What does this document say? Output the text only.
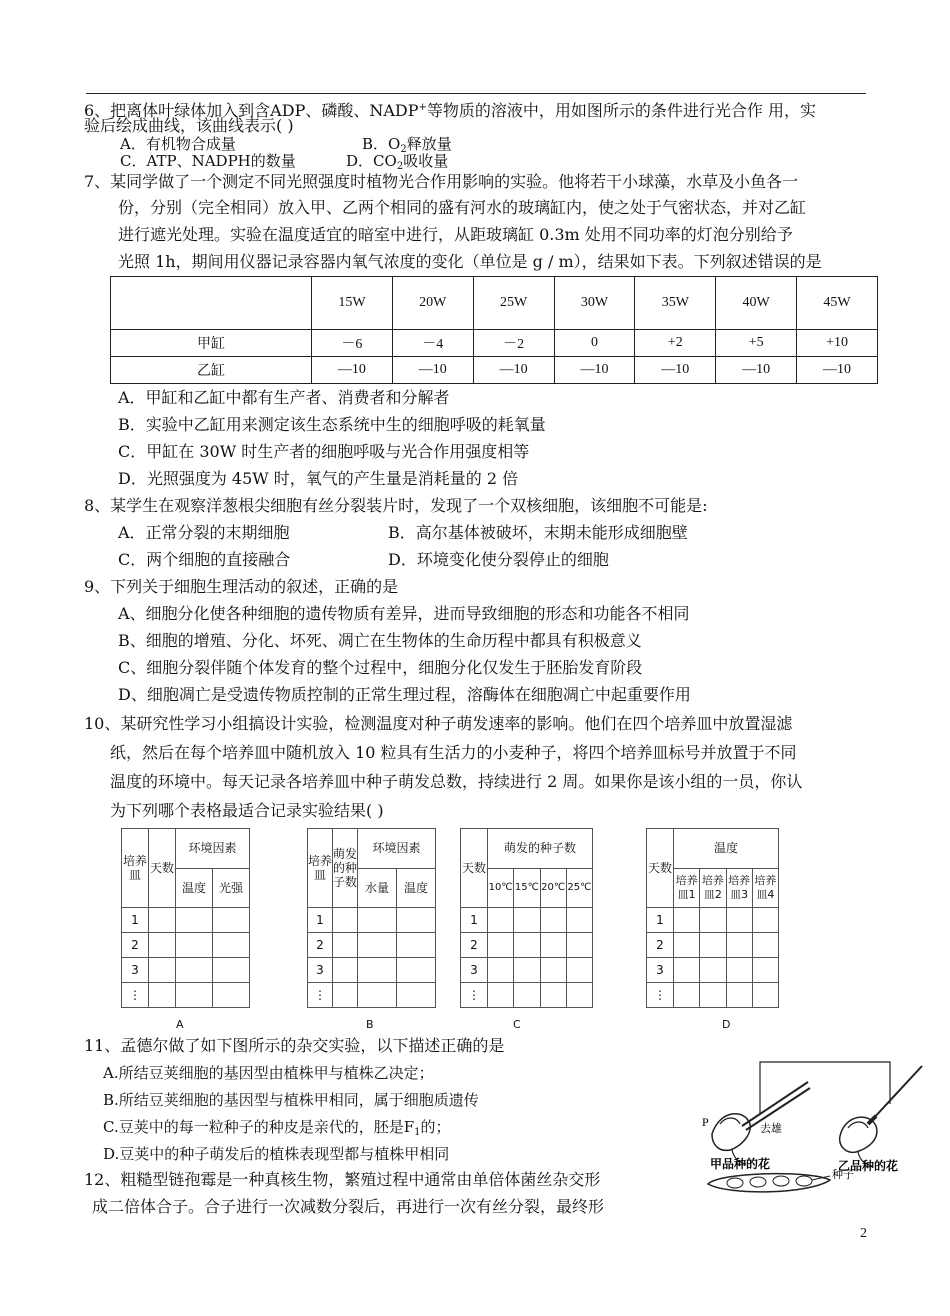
6、把离体叶绿体加入到含ADP、磷酸、NADP+等物质的溶液中，用如图所示的条件进行光合作 用，实
验后绘成曲线，该曲线表示( )
A．有机物合成量	B．$O_2$释放量
C．ATP、NADPH的数量	D．$CO_2$吸收量
7、某同学做了一个测定不同光照强度时植物光合作用影响的实验。他将若干小球藻，水草及小鱼各一
份，分别（完全相同）放入甲、乙两个相同的盛有河水的玻璃缸内，使之处于气密状态，并对乙缸
进行遮光处理。实验在温度适宜的暗室中进行，从距玻璃缸 0.3m 处用不同功率的灯泡分别给予
光照 1h，期间用仪器记录容器内氧气浓度的变化（单位是 g / m），结果如下表。下列叙述错误的是
	15W	20W	25W	30W	35W	40W	45W
甲缸	－6	－4	－2	0	+2	+5	+10
乙缸	—10	—10	—10	—10	—10	—10	—10
A．甲缸和乙缸中都有生产者、消费者和分解者
B．实验中乙缸用来测定该生态系统中生的细胞呼吸的耗氧量
C．甲缸在 30W 时生产者的细胞呼吸与光合作用强度相等
D．光照强度为 45W 时，氧气的产生量是消耗量的 2 倍
8、某学生在观察洋葱根尖细胞有丝分裂装片时，发现了一个双核细胞，该细胞不可能是:
A．正常分裂的末期细胞	B．高尔基体被破坏，末期未能形成细胞壁
C．两个细胞的直接融合	D．环境变化使分裂停止的细胞
9、下列关于细胞生理活动的叙述，正确的是
A、细胞分化使各种细胞的遗传物质有差异，进而导致细胞的形态和功能各不相同
B、细胞的增殖、分化、坏死、凋亡在生物体的生命历程中都具有积极意义
C、细胞分裂伴随个体发育的整个过程中，细胞分化仅发生于胚胎发育阶段
D、细胞凋亡是受遗传物质控制的正常生理过程，溶酶体在细胞凋亡中起重要作用
10、某研究性学习小组搞设计实验，检测温度对种子萌发速率的影响。他们在四个培养皿中放置湿滤
纸，然后在每个培养皿中随机放入 10 粒具有生活力的小麦种子，将四个培养皿标号并放置于不同
温度的环境中。每天记录各培养皿中种子萌发总数，持续进行 2 周。如果你是该小组的一员，你认
为下列哪个表格最适合记录实验结果( )
培养皿	天数	环境因素	
		温度	光强
1			
2			
3			
⋮			
A
培养皿	萌发的种子数	环境因素	
		水量	温度
1			
2			
3			
⋮			
B
天数	萌发的种子数			
	10℃	15℃	20℃	25℃
1				
2				
3				
⋮				
C
天数	温度			
	培养皿1	培养皿2	培养皿3	培养皿4
1				
2				
3				
⋮				
D
11、孟德尔做了如下图所示的杂交实验，以下描述正确的是
A.所结豆荚细胞的基因型由植株甲与植株乙决定；
B.所结豆荚细胞的基因型与植株甲相同，属于细胞质遗传
C.豆荚中的每一粒种子的种皮是亲代的，胚是$F_1$的；
D.豆荚中的种子萌发后的植株表现型都与植株甲相同
P	去雄
甲品种的花	乙品种的花
种子
12、粗糙型链孢霉是一种真核生物，繁殖过程中通常由单倍体菌丝杂交形
成二倍体合子。合子进行一次减数分裂后，再进行一次有丝分裂，最终形
2
